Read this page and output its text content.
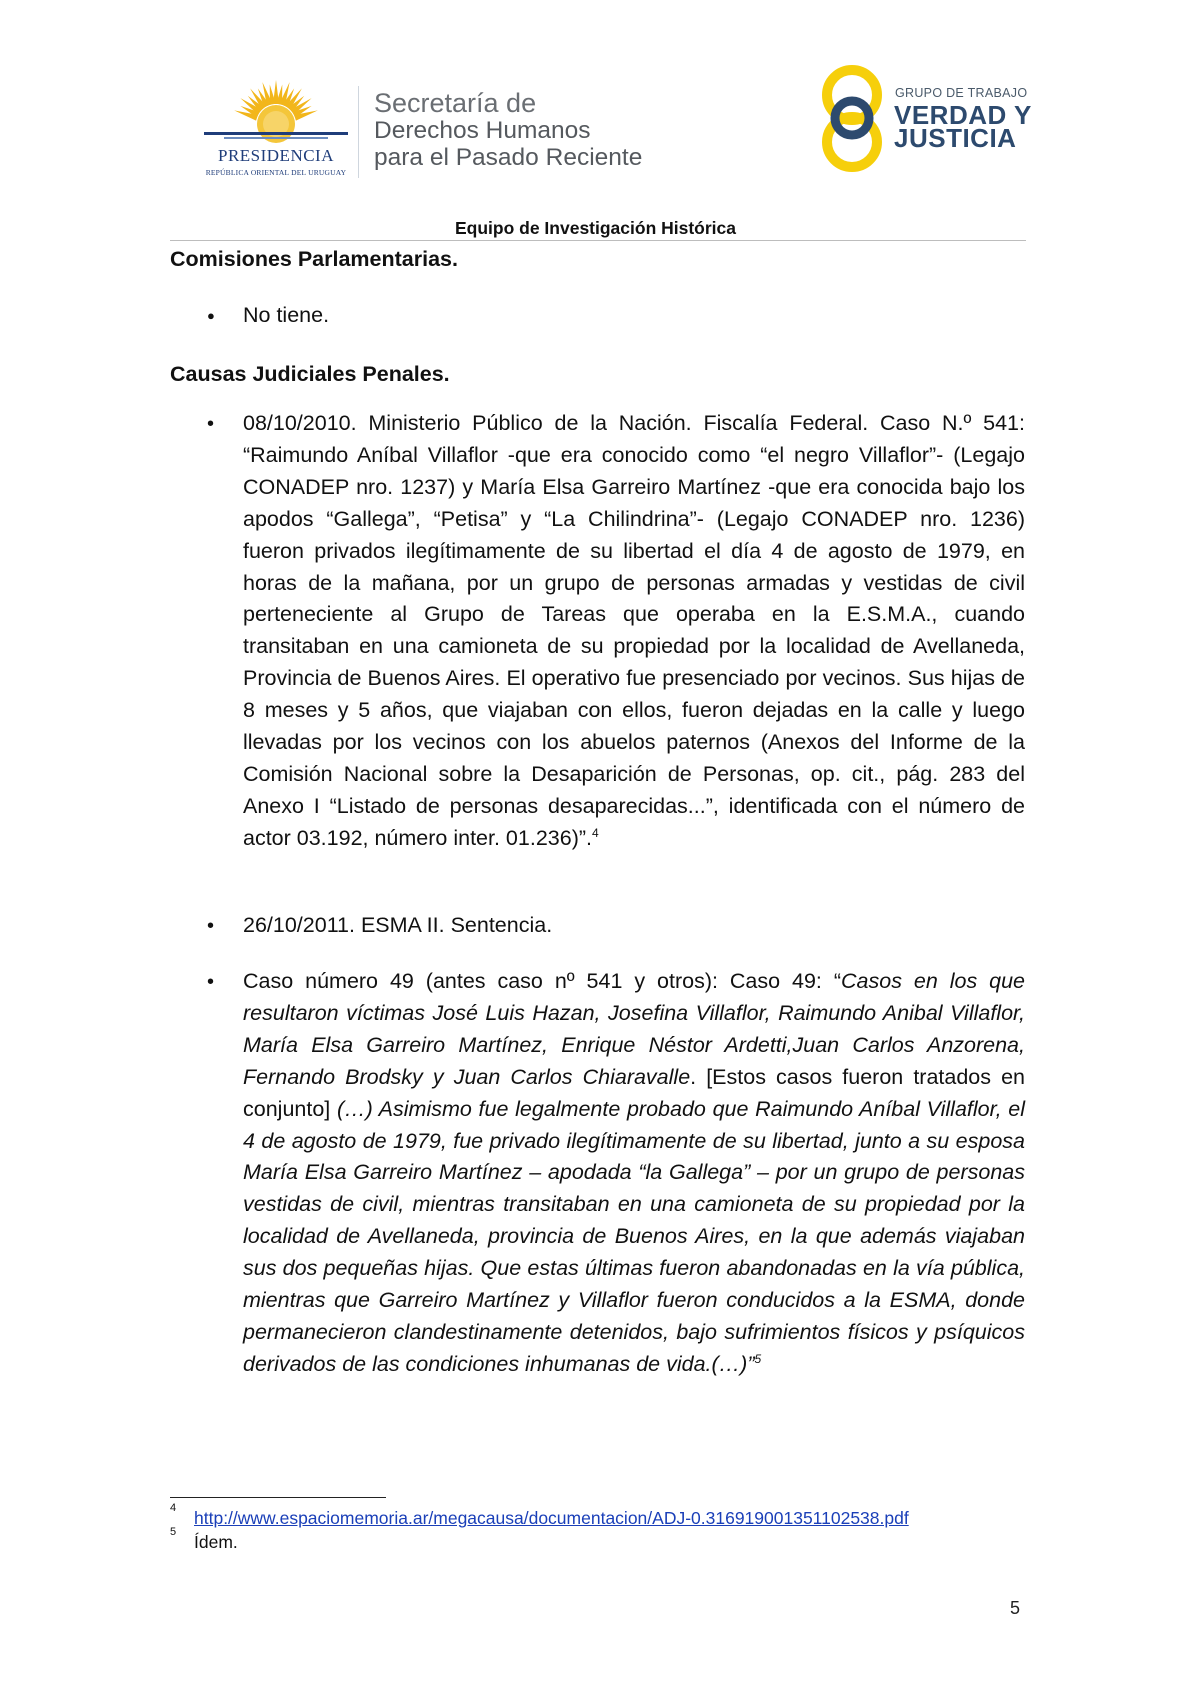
PRESIDENCIA
REPÚBLICA ORIENTAL DEL URUGUAY
Secretaría de
Derechos Humanos
para el Pasado Reciente
GRUPO DE TRABAJO
VERDAD Y
JUSTICIA
Equipo de Investigación Histórica
Comisiones Parlamentarias.
● No tiene.

Causas Judiciales Penales.
• 08/10/2010. Ministerio Público de la Nación. Fiscalía Federal. Caso N.º 541: “Raimundo Aníbal Villaflor -que era conocido como “el negro Villaflor”- (Legajo CONADEP nro. 1237) y María Elsa Garreiro Martínez -que era conocida bajo los apodos “Gallega”, “Petisa” y “La Chilindrina”- (Legajo CONADEP nro. 1236) fueron privados ilegítimamente de su libertad el día 4 de agosto de 1979, en horas de la mañana, por un grupo de personas armadas y vestidas de civil perteneciente al Grupo de Tareas que operaba en la E.S.M.A., cuando transitaban en una camioneta de su propiedad por la localidad de Avellaneda, Provincia de Buenos Aires. El operativo fue presenciado por vecinos. Sus hijas de 8 meses y 5 años, que viajaban con ellos, fueron dejadas en la calle y luego llevadas por los vecinos con los abuelos paternos (Anexos del Informe de la Comisión Nacional sobre la Desaparición de Personas, op. cit., pág. 283 del Anexo I “Listado de personas desaparecidas...”, identificada con el número de actor 03.192, número inter. 01.236)”.$^4$

• 26/10/2011. ESMA II. Sentencia.

• Caso número 49 (antes caso nº 541 y otros): Caso 49: “Casos en los que resultaron víctimas José Luis Hazan, Josefina Villaflor, Raimundo Anibal Villaflor, María Elsa Garreiro Martínez, Enrique Néstor Ardetti,Juan Carlos Anzorena, Fernando Brodsky y Juan Carlos Chiaravalle. [Estos casos fueron tratados en conjunto] (…) Asimismo fue legalmente probado que Raimundo Aníbal Villaflor, el 4 de agosto de 1979, fue privado ilegítimamente de su libertad, junto a su esposa María Elsa Garreiro Martínez – apodada “la Gallega” – por un grupo de personas vestidas de civil, mientras transitaban en una camioneta de su propiedad por la localidad de Avellaneda, provincia de Buenos Aires, en la que además viajaban sus dos pequeñas hijas. Que estas últimas fueron abandonadas en la vía pública, mientras que Garreiro Martínez y Villaflor fueron conducidos a la ESMA, donde permanecieron clandestinamente detenidos, bajo sufrimientos físicos y psíquicos derivados de las condiciones inhumanas de vida.(…)”$^5$

4 http://www.espaciomemoria.ar/megacausa/documentacion/ADJ-0.316919001351102538.pdf
5 Ídem.
5
